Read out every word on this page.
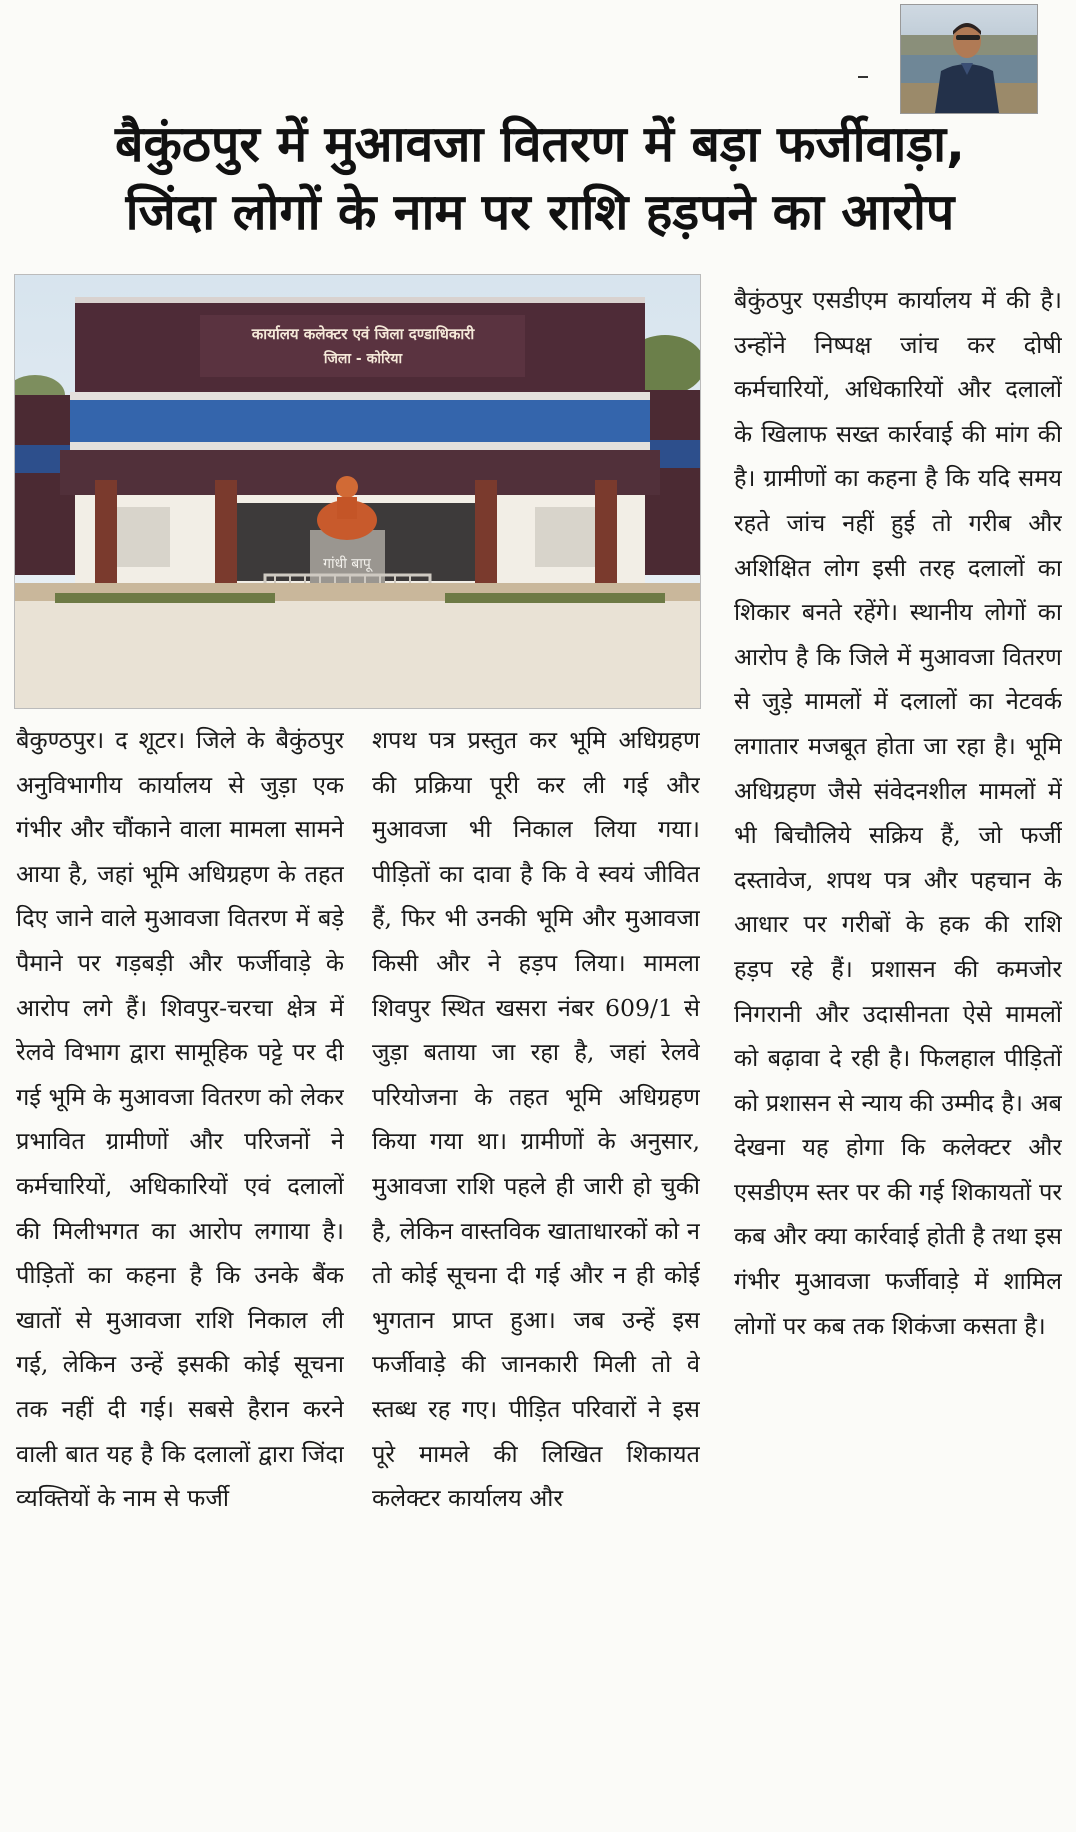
बैकुंठपुर में मुआवजा वितरण में बड़ा फर्जीवाड़ा,
जिंदा लोगों के नाम पर राशि हड़पने का आरोप
कार्यालय कलेक्टर एवं जिला दण्डाधिकारी
जिला - कोरिया
गांधी बापू

बैकुण्ठपुर। द शूटर। जिले के बैकुंठपुर अनुविभागीय कार्यालय से जुड़ा एक गंभीर और चौंकाने वाला मामला सामने आया है, जहां भूमि अधिग्रहण के तहत दिए जाने वाले मुआवजा वितरण में बड़े पैमाने पर गड़बड़ी और फर्जीवाड़े के आरोप लगे हैं। शिवपुर-चरचा क्षेत्र में रेलवे विभाग द्वारा सामूहिक पट्टे पर दी गई भूमि के मुआवजा वितरण को लेकर प्रभावित ग्रामीणों और परिजनों ने कर्मचारियों, अधिकारियों एवं दलालों की मिलीभगत का आरोप लगाया है। पीड़ितों का कहना है कि उनके बैंक खातों से मुआवजा राशि निकाल ली गई, लेकिन उन्हें इसकी कोई सूचना तक नहीं दी गई। सबसे हैरान करने वाली बात यह है कि दलालों द्वारा जिंदा व्यक्तियों के नाम से फर्जी

शपथ पत्र प्रस्तुत कर भूमि अधिग्रहण की प्रक्रिया पूरी कर ली गई और मुआवजा भी निकाल लिया गया। पीड़ितों का दावा है कि वे स्वयं जीवित हैं, फिर भी उनकी भूमि और मुआवजा किसी और ने हड़प लिया। मामला शिवपुर स्थित खसरा नंबर 609/1 से जुड़ा बताया जा रहा है, जहां रेलवे परियोजना के तहत भूमि अधिग्रहण किया गया था। ग्रामीणों के अनुसार, मुआवजा राशि पहले ही जारी हो चुकी है, लेकिन वास्तविक खाताधारकों को न तो कोई सूचना दी गई और न ही कोई भुगतान प्राप्त हुआ। जब उन्हें इस फर्जीवाड़े की जानकारी मिली तो वे स्तब्ध रह गए। पीड़ित परिवारों ने इस पूरे मामले की लिखित शिकायत कलेक्टर कार्यालय और

बैकुंठपुर एसडीएम कार्यालय में की है। उन्होंने निष्पक्ष जांच कर दोषी कर्मचारियों, अधिकारियों और दलालों के खिलाफ सख्त कार्रवाई की मांग की है। ग्रामीणों का कहना है कि यदि समय रहते जांच नहीं हुई तो गरीब और अशिक्षित लोग इसी तरह दलालों का शिकार बनते रहेंगे। स्थानीय लोगों का आरोप है कि जिले में मुआवजा वितरण से जुड़े मामलों में दलालों का नेटवर्क लगातार मजबूत होता जा रहा है। भूमि अधिग्रहण जैसे संवेदनशील मामलों में भी बिचौलिये सक्रिय हैं, जो फर्जी दस्तावेज, शपथ पत्र और पहचान के आधार पर गरीबों के हक की राशि हड़प रहे हैं। प्रशासन की कमजोर निगरानी और उदासीनता ऐसे मामलों को बढ़ावा दे रही है। फिलहाल पीड़ितों को प्रशासन से न्याय की उम्मीद है। अब देखना यह होगा कि कलेक्टर और एसडीएम स्तर पर की गई शिकायतों पर कब और क्या कार्रवाई होती है तथा इस गंभीर मुआवजा फर्जीवाड़े में शामिल लोगों पर कब तक शिकंजा कसता है।
